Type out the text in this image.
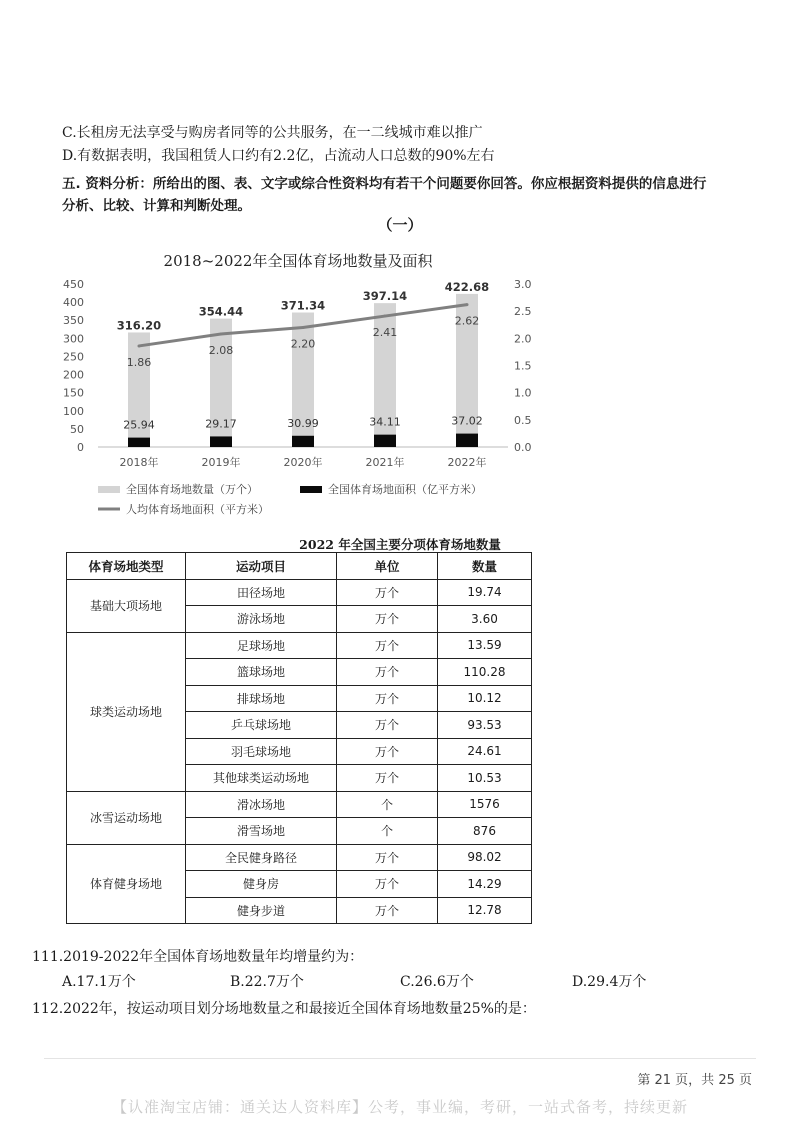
C.长租房无法享受与购房者同等的公共服务，在一二线城市难以推广
D.有数据表明，我国租赁人口约有2.2亿，占流动人口总数的90%左右
五. 资料分析：所给出的图、表、文字或综合性资料均有若干个问题要你回答。你应根据资料提供的信息进行
分析、比较、计算和判断处理。
（一）
2018~2022年全国体育场地数量及面积
450
400
350
300
250
200
150
100
50
0
3.0
2.5
2.0
1.5
1.0
0.5
0.0
316.20
354.44	371.34
397.14
422.68
25.94	29.17	30.99	34.11	37.02
1.86
2.08
2.20
2.41
2.62
2018年	2019年	2020年	2021年	2022年
全国体育场地数量（万个）	全国体育场地面积（亿平方米）
人均体育场地面积（平方米）
2022 年全国主要分项体育场地数量
体育场地类型	运动项目	单位	数量
基础大项场地	田径场地	万个	19.74
	游泳场地	万个	3.60
球类运动场地	足球场地	万个	13.59
	篮球场地	万个	110.28
	排球场地	万个	10.12
	乒乓球场地	万个	93.53
	羽毛球场地	万个	24.61
	其他球类运动场地	万个	10.53
冰雪运动场地	滑冰场地	个	1576
	滑雪场地	个	876
体育健身场地	全民健身路径	万个	98.02
	健身房	万个	14.29
	健身步道	万个	12.78
111.2019-2022年全国体育场地数量年均增量约为：
A.17.1万个	B.22.7万个	C.26.6万个	D.29.4万个
112.2022年，按运动项目划分场地数量之和最接近全国体育场地数量25%的是：
第 21 页，共 25 页
【认准淘宝店铺：通关达人资料库】公考，事业编，考研，一站式备考，持续更新
